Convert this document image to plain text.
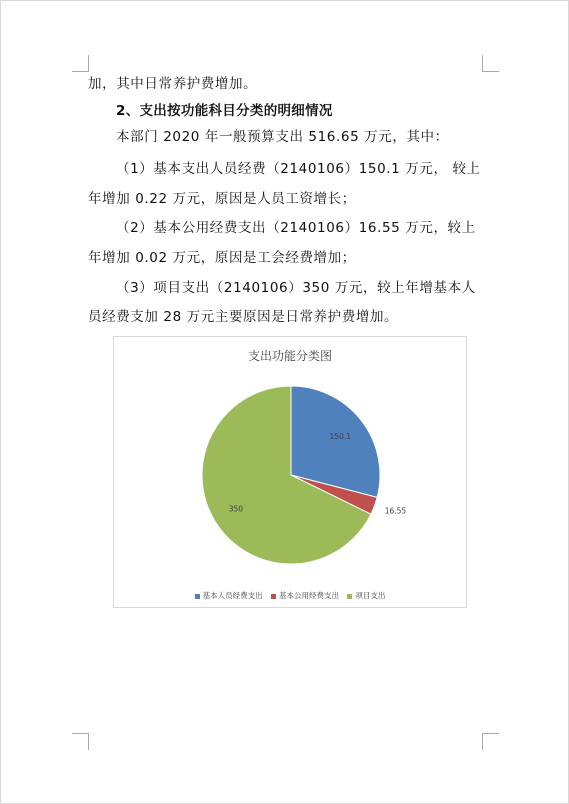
加，其中日常养护费增加。
2、支出按功能科目分类的明细情况
本部门 2020 年一般预算支出 516.65 万元，其中：
（1）基本支出人员经费（2140106）150.1 万元， 较上
年增加 0.22 万元，原因是人员工资增长；
（2）基本公用经费支出（2140106）16.55 万元，较上
年增加 0.02 万元，原因是工会经费增加；
（3）项目支出（2140106）350 万元，较上年增基本人
员经费支加 28 万元主要原因是日常养护费增加。
支出功能分类图
150.1
16.55
350
基本人员经费支出 基本公用经费支出 项目支出
